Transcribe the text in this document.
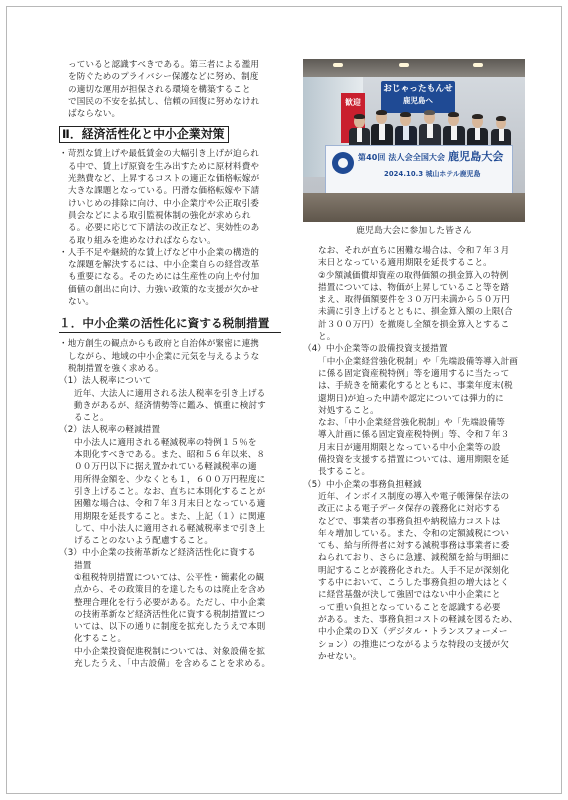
っていると認識すべきである。第三者による濫用

を防ぐためのプライバシー保護などに努め、制度

の適切な運用が担保される環境を構築すること

で国民の不安を払拭し、信頼の回復に努めなけれ

ばならない。

Ⅱ．経済活性化と中小企業対策

・苛烈な賃上げや最低賃金の大幅引き上げが迫られ

る中で、賃上げ原資を生み出すために原材料費や

光熱費など、上昇するコストの適正な価格転嫁が

大きな課題となっている。円滑な価格転嫁や下請

けいじめの排除に向け、中小企業庁や公正取引委

員会などによる取引監視体制の強化が求められ

る。必要に応じて下請法の改正など、実効性のあ

る取り組みを進めなければならない。

・人手不足や継続的な賃上げなど中小企業の構造的

な課題を解決するには、中小企業自らの経営改革

も重要になる。そのためには生産性の向上や付加

価値の創出に向け、力強い政策的な支援が欠かせ

ない。

１．中小企業の活性化に資する税制措置

・地方創生の観点からも政府と自治体が緊密に連携

しながら、地域の中小企業に元気を与えるような

税制措置を強く求める。

（1）法人税率について

近年、大法人に適用される法人税率を引き上げる

動きがあるが、経済情勢等に鑑み、慎重に検討す

ること。

（2）法人税率の軽減措置

中小法人に適用される軽減税率の特例１５％を

本則化すべきである。また、昭和５６年以来、８

００万円以下に据え置かれている軽減税率の適

用所得金額を、少なくとも１，６００万円程度に

引き上げること。なお、直ちに本則化することが

困難な場合は、令和７年３月末日となっている適

用期限を延長すること。また、上記（１）に関連

して、中小法人に適用される軽減税率まで引き上

げることのないよう配慮すること。

（3）中小企業の技術革新など経済活性化に資する

措置

①租税特別措置については、公平性・簡素化の観

点から、その政策目的を達したものは廃止を含め

整理合理化を行う必要がある。ただし、中小企業

の技術革新など経済活性化に資する税制措置につ

いては、以下の通りに制度を拡充したうえで本則

化すること。

中小企業投資促進税制については、対象設備を拡

充したうえ、「中古設備」を含めることを求める。

おじゃったもんせ
鹿児島へ
歓迎
第40回 法人会全国大会 鹿児島大会
2024.10.3 城山ホテル鹿児島

鹿児島大会に参加した皆さん

なお、それが直ちに困難な場合は、令和７年３月

末日となっている適用期限を延長すること。

②少額減価償却資産の取得価額の損金算入の特例

措置については、物価が上昇していること等を踏

まえ、取得価額要件を３０万円未満から５０万円

未満に引き上げるとともに、損金算入額の上限(合

計３００万円）を撤廃し全額を損金算入とするこ

と。

（4）中小企業等の設備投資支援措置

「中小企業経営強化税制」や「先端設備等導入計画

に係る固定資産税特例」等を適用するに当たって

は、手続きを簡素化するとともに、事業年度末(税

還期日)が迫った申請や認定については弾力的に

対処すること。

なお、「中小企業経営強化税制」や「先端設備等

導入計画に係る固定資産税特例」等、令和７年３

月末日が適用期限となっている中小企業等の設

備投資を支援する措置については、適用期限を延

長すること。

（5）中小企業の事務負担軽減

近年、インボイス制度の導入や電子帳簿保存法の

改正による電子データ保存の義務化に対応する

などで、事業者の事務負担や納税協力コストは

年々増加している。また、令和の定額減税につい

ても、給与所得者に対する減税事務は事業者に委

ねられており、さらに急遽、減税額を給与明細に

明記することが義務化された。人手不足が深刻化

する中において、こうした事務負担の増大はとく

に経営基盤が決して強固ではない中小企業にと

って重い負担となっていることを認識する必要

がある。また、事務負担コストの軽減を図るため、

中小企業のＤＸ（デジタル・トランスフォーメー

ション）の推進につながるような特段の支援が欠

かせない。
